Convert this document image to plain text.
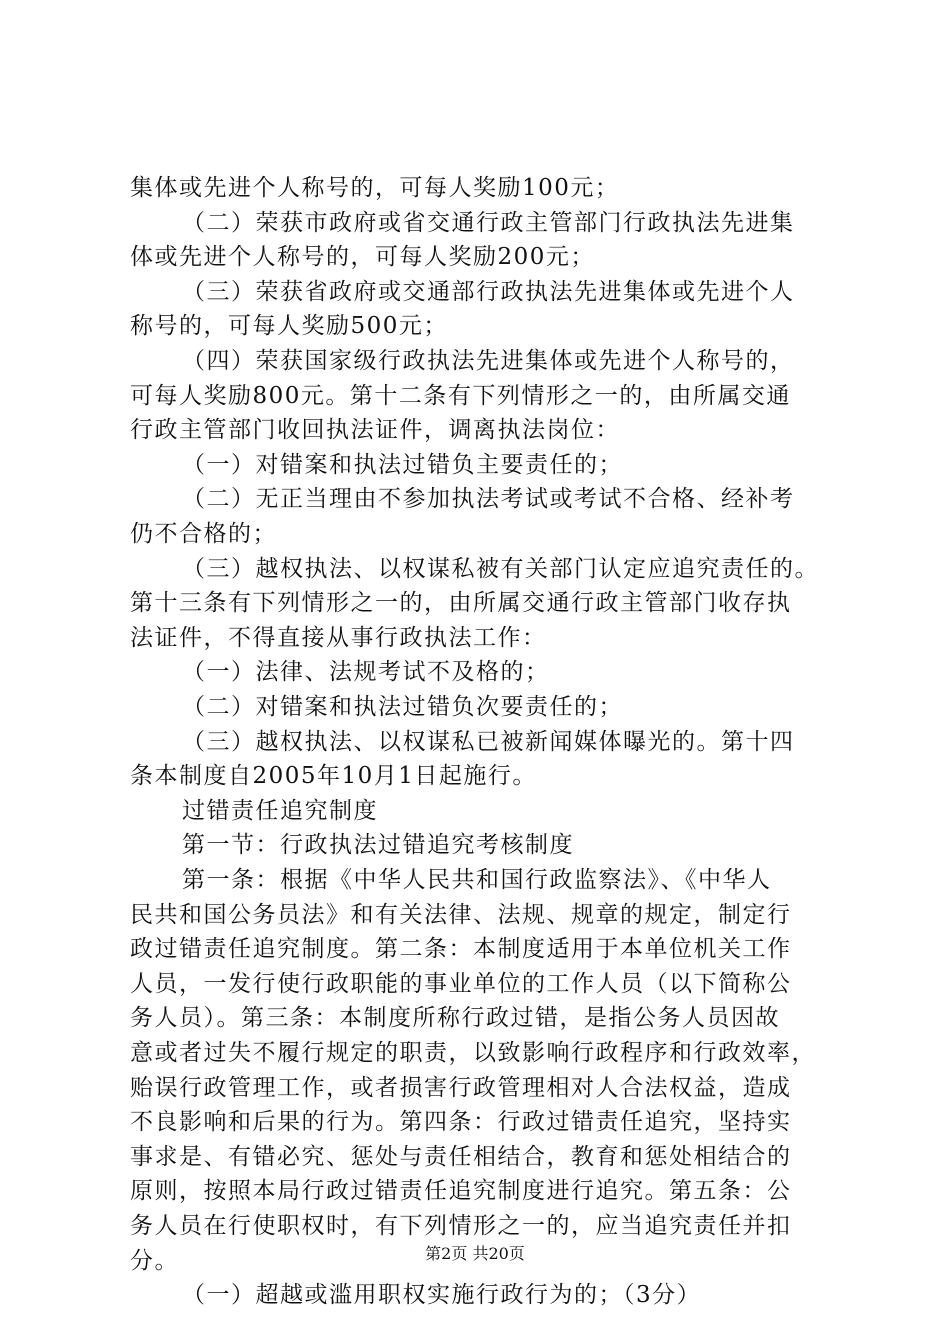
集体或先进个人称号的，可每人奖励100元；
（二）荣获市政府或省交通行政主管部门行政执法先进集
体或先进个人称号的，可每人奖励200元；
（三）荣获省政府或交通部行政执法先进集体或先进个人
称号的，可每人奖励500元；
（四）荣获国家级行政执法先进集体或先进个人称号的，
可每人奖励800元。第十二条有下列情形之一的，由所属交通
行政主管部门收回执法证件，调离执法岗位：
（一）对错案和执法过错负主要责任的；
（二）无正当理由不参加执法考试或考试不合格、经补考
仍不合格的；
（三）越权执法、以权谋私被有关部门认定应追究责任的。
第十三条有下列情形之一的，由所属交通行政主管部门收存执
法证件，不得直接从事行政执法工作：
（一）法律、法规考试不及格的；
（二）对错案和执法过错负次要责任的；
（三）越权执法、以权谋私已被新闻媒体曝光的。第十四
条本制度自2005年10月1日起施行。
过错责任追究制度
第一节：行政执法过错追究考核制度
第一条：根据《中华人民共和国行政监察法》、《中华人
民共和国公务员法》和有关法律、法规、规章的规定，制定行
政过错责任追究制度。第二条：本制度适用于本单位机关工作
人员，一发行使行政职能的事业单位的工作人员（以下简称公
务人员）。第三条：本制度所称行政过错，是指公务人员因故
意或者过失不履行规定的职责，以致影响行政程序和行政效率，
贻误行政管理工作，或者损害行政管理相对人合法权益，造成
不良影响和后果的行为。第四条：行政过错责任追究，坚持实
事求是、有错必究、惩处与责任相结合，教育和惩处相结合的
原则，按照本局行政过错责任追究制度进行追究。第五条：公
务人员在行使职权时，有下列情形之一的，应当追究责任并扣
分。
（一）超越或滥用职权实施行政行为的；（3分）
第2页 共20页
